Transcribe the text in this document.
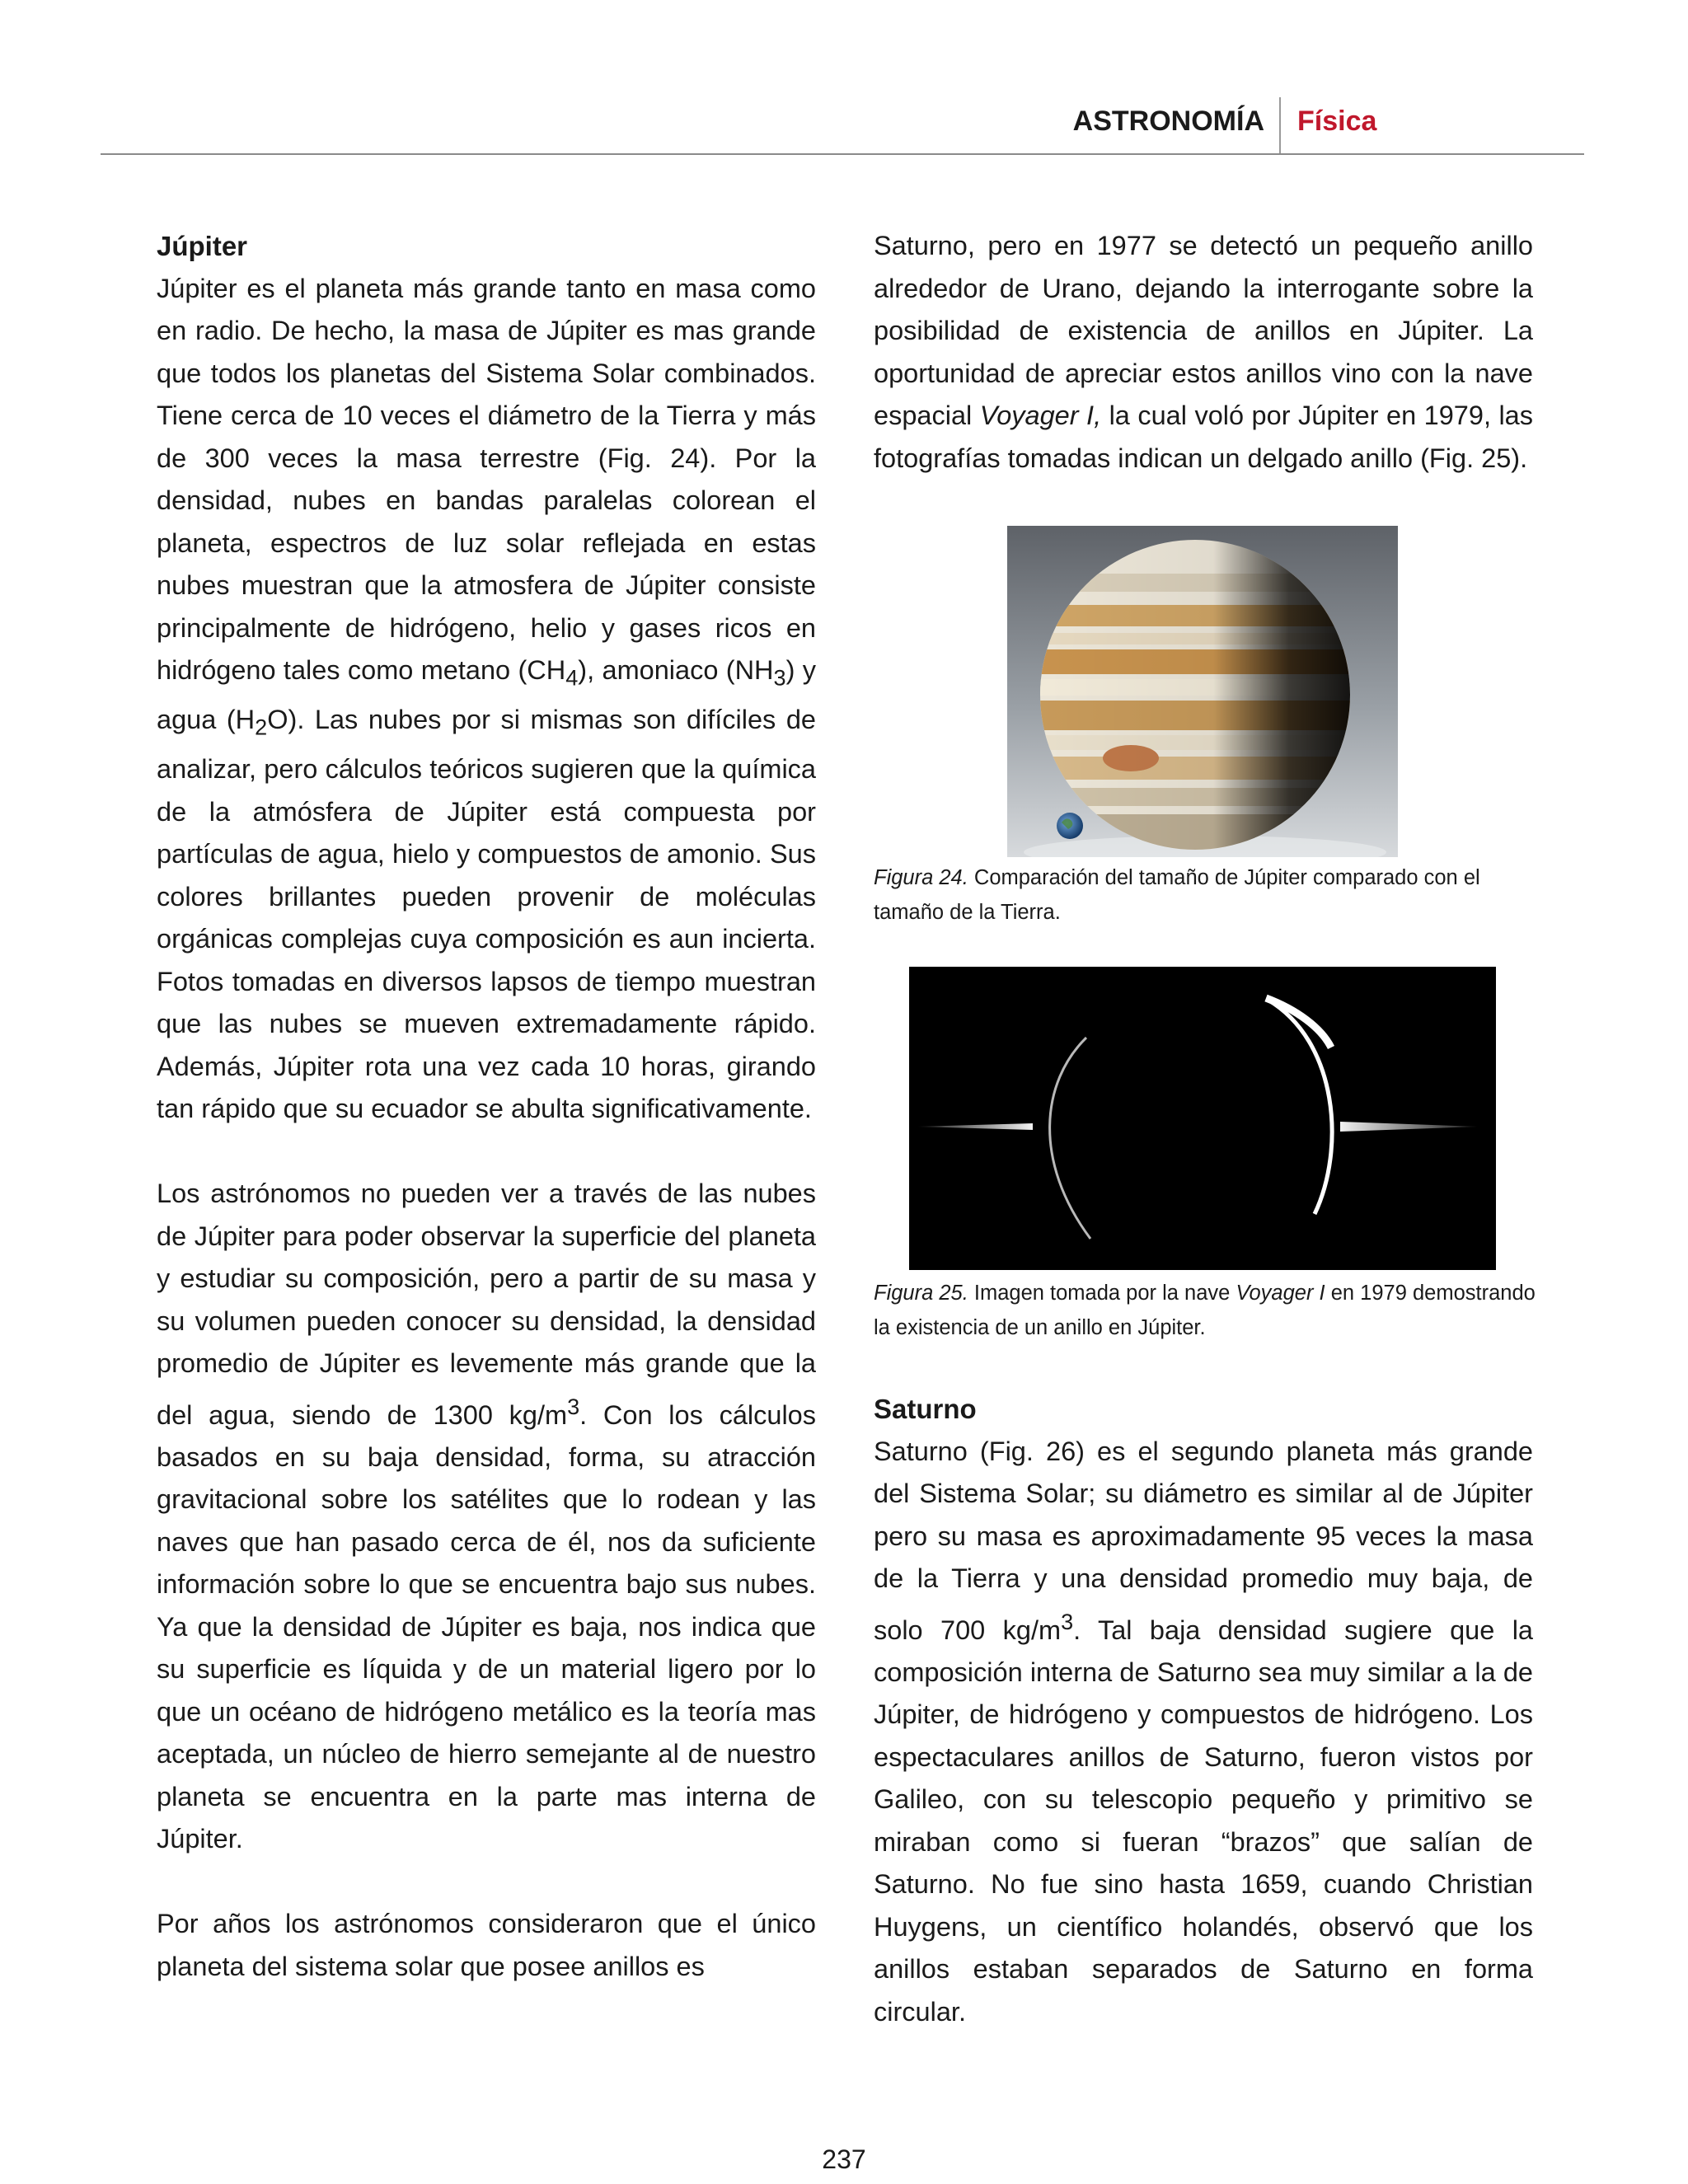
ASTRONOMÍA Física
Júpiter

Júpiter es el planeta más grande tanto en masa como en radio. De hecho, la masa de Júpiter es mas grande que todos los planetas del Sistema Solar combinados. Tiene cerca de 10 veces el diámetro de la Tierra y más de 300 veces la masa terrestre (Fig. 24). Por la densidad, nubes en bandas paralelas colorean el planeta, espectros de luz solar reflejada en estas nubes muestran que la atmosfera de Júpiter consiste principalmente de hidrógeno, helio y gases ricos en hidrógeno tales como metano $(CH_4)$, amoniaco $(NH_3)$ y agua $(H_2O)$. Las nubes por si mismas son difíciles de analizar, pero cálculos teóricos sugieren que la química de la atmósfera de Júpiter está compuesta por partículas de agua, hielo y compuestos de amonio. Sus colores brillantes pueden provenir de moléculas orgánicas complejas cuya composición es aun incierta. Fotos tomadas en diversos lapsos de tiempo muestran que las nubes se mueven extremadamente rápido. Además, Júpiter rota una vez cada 10 horas, girando tan rápido que su ecuador se abulta significativamente.

Los astrónomos no pueden ver a través de las nubes de Júpiter para poder observar la superficie del planeta y estudiar su composición, pero a partir de su masa y su volumen pueden conocer su densidad, la densidad promedio de Júpiter es levemente más grande que la del agua, siendo de 1300 $kg/m^3$. Con los cálculos basados en su baja densidad, forma, su atracción gravitacional sobre los satélites que lo rodean y las naves que han pasado cerca de él, nos da suficiente información sobre lo que se encuentra bajo sus nubes. Ya que la densidad de Júpiter es baja, nos indica que su superficie es líquida y de un material ligero por lo que un océano de hidrógeno metálico es la teoría mas aceptada, un núcleo de hierro semejante al de nuestro planeta se encuentra en la parte mas interna de Júpiter.

Por años los astrónomos consideraron que el único planeta del sistema solar que posee anillos es

Saturno, pero en 1977 se detectó un pequeño anillo alrededor de Urano, dejando la interrogante sobre la posibilidad de existencia de anillos en Júpiter. La oportunidad de apreciar estos anillos vino con la nave espacial Voyager I, la cual voló por Júpiter en 1979, las fotografías tomadas indican un delgado anillo (Fig. 25).

Figura 24. Comparación del tamaño de Júpiter comparado con el tamaño de la Tierra.
Figura 25. Imagen tomada por la nave Voyager I en 1979 demostrando la existencia de un anillo en Júpiter.
Saturno

Saturno (Fig. 26) es el segundo planeta más grande del Sistema Solar; su diámetro es similar al de Júpiter pero su masa es aproximadamente 95 veces la masa de la Tierra y una densidad promedio muy baja, de solo 700 $kg/m^3$. Tal baja densidad sugiere que la composición interna de Saturno sea muy similar a la de Júpiter, de hidrógeno y compuestos de hidrógeno. Los espectaculares anillos de Saturno, fueron vistos por Galileo, con su telescopio pequeño y primitivo se miraban como si fueran “brazos” que salían de Saturno. No fue sino hasta 1659, cuando Christian Huygens, un científico holandés, observó que los anillos estaban separados de Saturno en forma circular.

237
